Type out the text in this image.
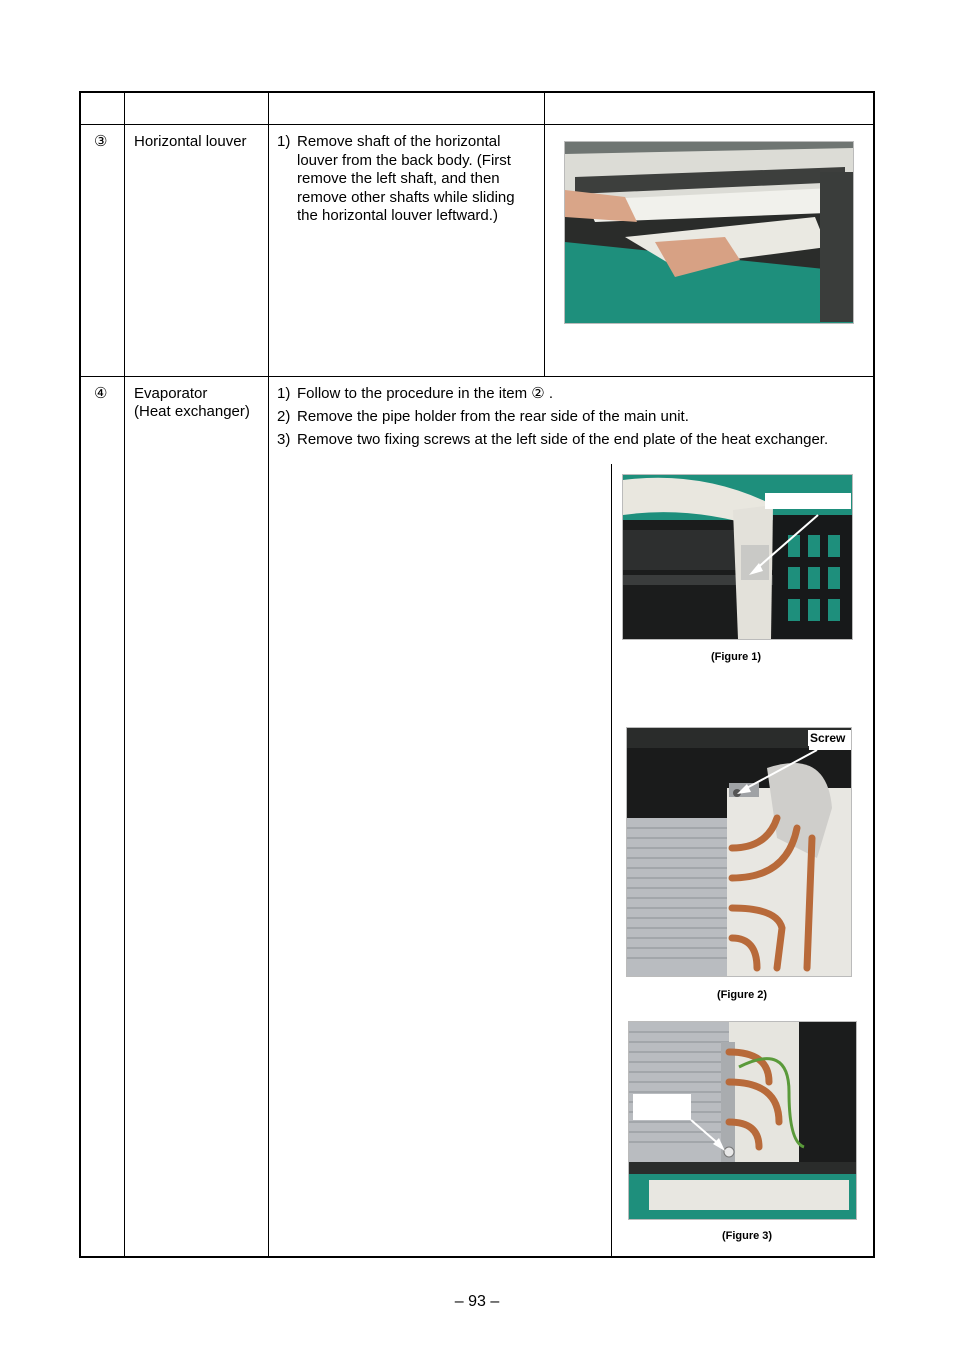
③ Horizontal louver 1) Remove shaft of the horizontal louver from the back body. (First remove the left shaft, and then remove other shafts while sliding the horizontal louver leftward.)
④ Evaporator
(Heat exchanger)
1) Follow to the procedure in the item ② .
2) Remove the pipe holder from the rear side of the main unit.
3) Remove two fixing screws at the left side of the end plate of the heat exchanger.
(Figure 1)
Screw
(Figure 2)
(Figure 3)
– 93 –
